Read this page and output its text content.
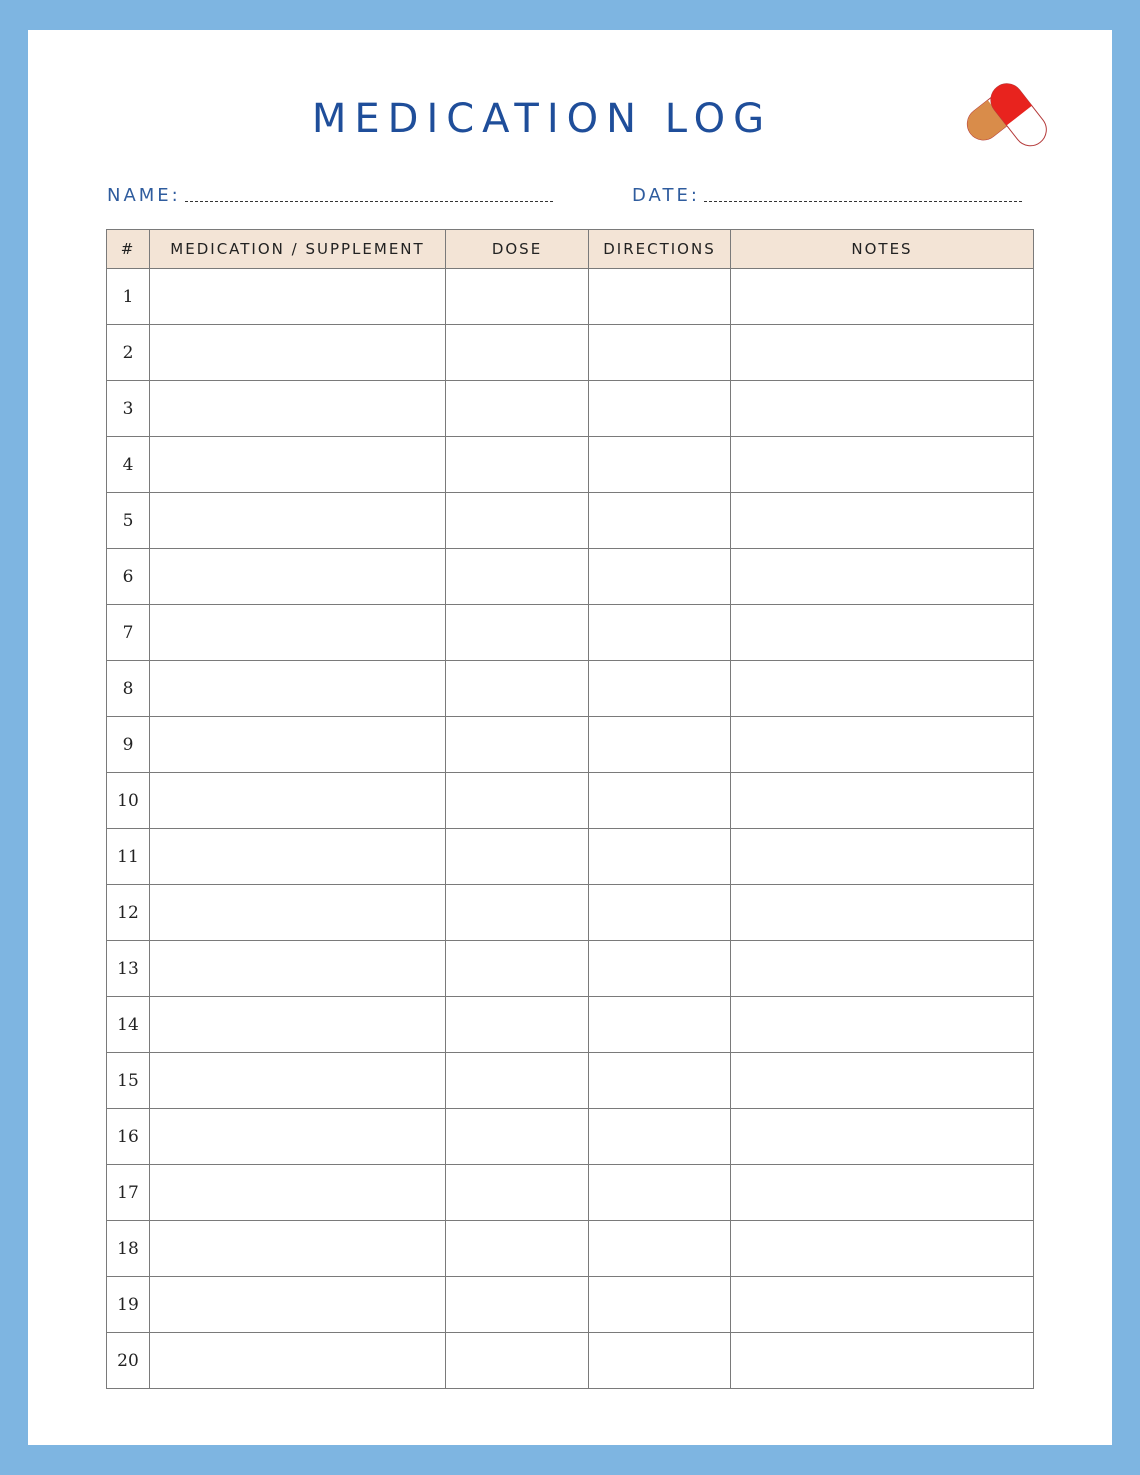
MEDICATION LOG
NAME:	DATE:
#	MEDICATION / SUPPLEMENT	DOSE	DIRECTIONS	NOTES
1				
2				
3				
4				
5				
6				
7				
8				
9				
10				
11				
12				
13				
14				
15				
16				
17				
18				
19				
20				
